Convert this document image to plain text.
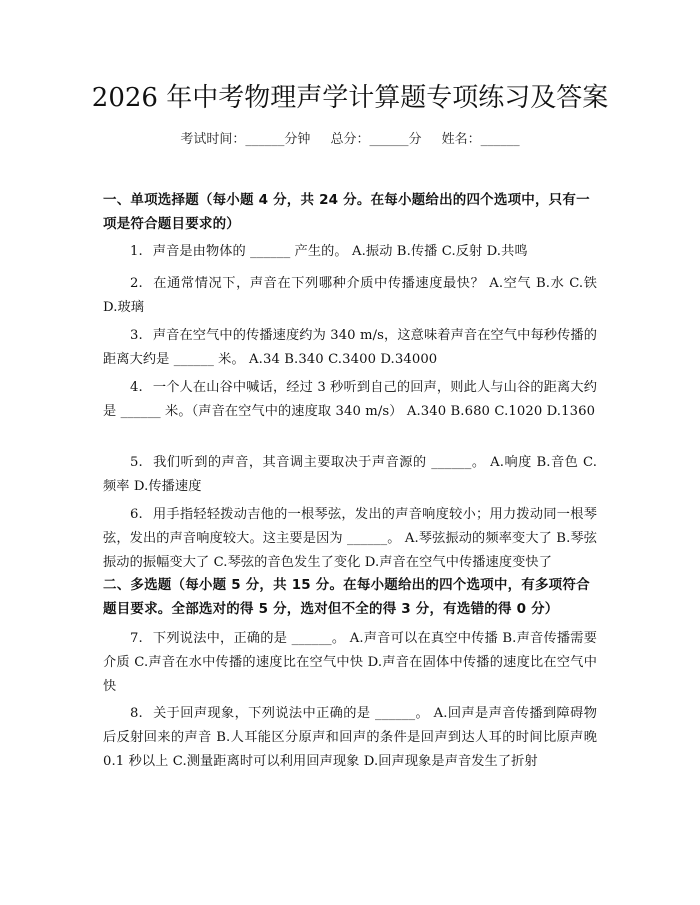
2026 年中考物理声学计算题专项练习及答案
考试时间：______分钟 总分：______分 姓名：______
一、单项选择题（每小题 4 分，共 24 分。在每小题给出的四个选项中，只有一项是符合题目要求的）
1. 声音是由物体的 ______ 产生的。 A.振动 B.传播 C.反射 D.共鸣
2. 在通常情况下，声音在下列哪种介质中传播速度最快？ A.空气 B.水 C.铁 D.玻璃
3. 声音在空气中的传播速度约为 340 m/s，这意味着声音在空气中每秒传播的距离大约是 ______ 米。 A.34 B.340 C.3400 D.34000
4. 一个人在山谷中喊话，经过 3 秒听到自己的回声，则此人与山谷的距离大约是 ______ 米。（声音在空气中的速度取 340 m/s） A.340 B.680 C.1020 D.1360
5. 我们听到的声音，其音调主要取决于声音源的 ______。 A.响度 B.音色 C.频率 D.传播速度
6. 用手指轻轻拨动吉他的一根琴弦，发出的声音响度较小；用力拨动同一根琴弦，发出的声音响度较大。这主要是因为 ______。 A.琴弦振动的频率变大了 B.琴弦振动的振幅变大了 C.琴弦的音色发生了变化 D.声音在空气中传播速度变快了
二、多选题（每小题 5 分，共 15 分。在每小题给出的四个选项中，有多项符合题目要求。全部选对的得 5 分，选对但不全的得 3 分，有选错的得 0 分）
7. 下列说法中，正确的是 ______。 A.声音可以在真空中传播 B.声音传播需要介质 C.声音在水中传播的速度比在空气中快 D.声音在固体中传播的速度比在空气中快
8. 关于回声现象，下列说法中正确的是 ______。 A.回声是声音传播到障碍物后反射回来的声音 B.人耳能区分原声和回声的条件是回声到达人耳的时间比原声晚 0.1 秒以上 C.测量距离时可以利用回声现象 D.回声现象是声音发生了折射
